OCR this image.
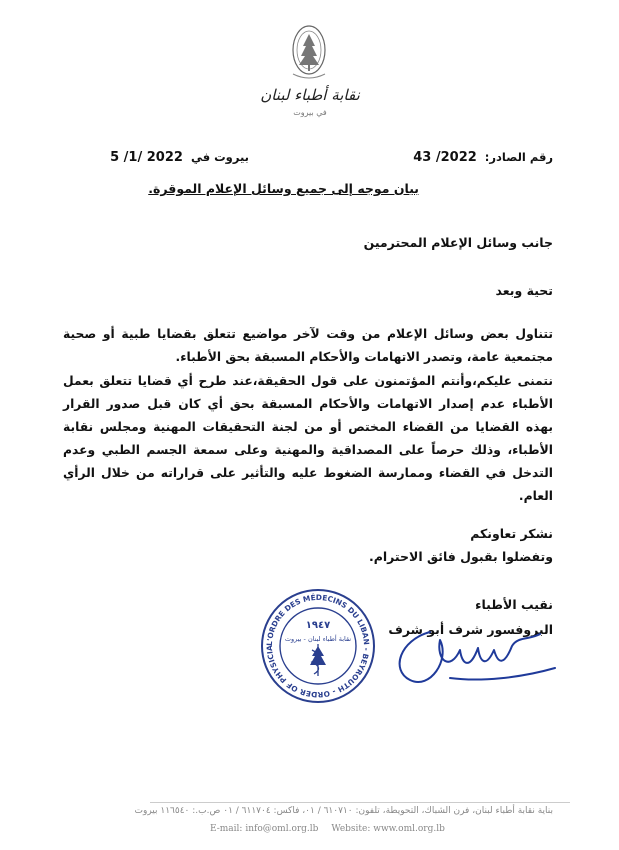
نقابة أطباء لبنان
في بيروت
رقم الصادر: 43 /2022
بيروت في 5 /1/ 2022
بيان موجه إلى جميع وسائل الإعلام الموقرة.
جانب وسائل الإعلام المحترمين
تحية وبعد

تتناول بعض وسائل الإعلام من وقت لآخر مواضيع تتعلق بقضايا طبية أو صحية مجتمعية عامة، وتصدر الاتهامات والأحكام المسبقة بحق الأطباء.

نتمنى عليكم،وأنتم المؤتمنون على قول الحقيقة،عند طرح أي قضايا تتعلق بعمل الأطباء عدم إصدار الاتهامات والأحكام المسبقة بحق أي كان قبل صدور القرار بهذه القضايا من القضاء المختص أو من لجنة التحقيقات المهنية ومجلس نقابة الأطباء، وذلك حرصاً على المصداقية والمهنية وعلى سمعة الجسم الطبي وعدم التدخل في القضاء وممارسة الضغوط عليه والتأثير على قراراته من خلال الرأي العام.

نشكر تعاونكم
وتفضلوا بقبول فائق الاحترام.
L'ORDRE DES MÉDECINS DU LIBAN - BEYROUTH - ORDER OF PHYSICIA
١٩٤٧
نقابة أطباء لبنان - بيروت
نقيب الأطباء
البروفسور شرف أبو شرف
بناية نقابة أطباء لبنان، فرن الشباك، التحويطة، تلفون: ٦١٠٧١٠ / ٠١، فاكس: ٦١١٧٠٤ / ٠١ ص.ب.: ١١٦٥٤٠ بيروت
E-mail: info@oml.org.lb Website: www.oml.org.lb
